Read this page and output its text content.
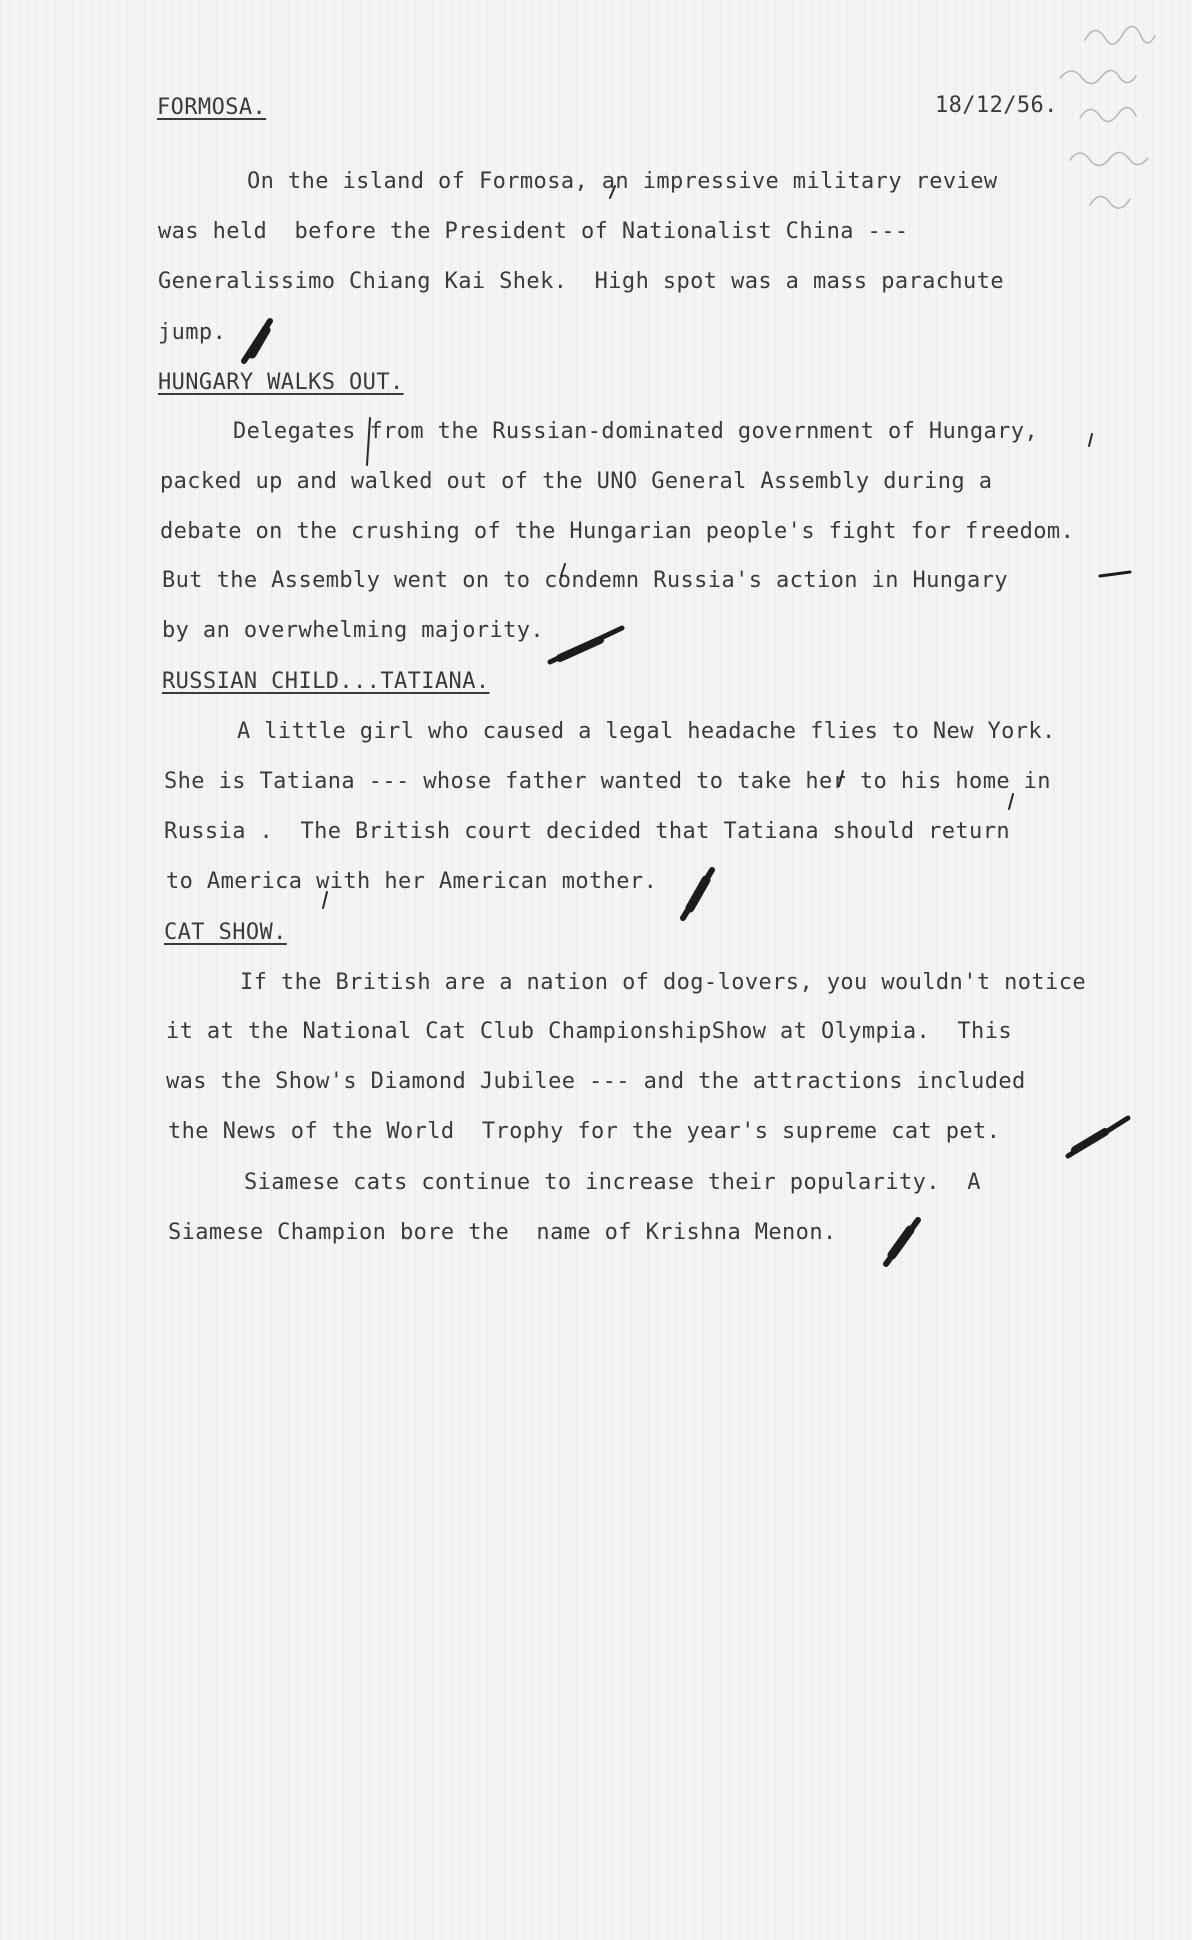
FORMOSA.	18/12/56.
On the island of Formosa, an impressive military review
was held  before the President of Nationalist China ---
Generalissimo Chiang Kai Shek.  High spot was a mass parachute
jump.
HUNGARY WALKS OUT.
Delegates from the Russian-dominated government of Hungary,
packed up and walked out of the UNO General Assembly during a
debate on the crushing of the Hungarian people's fight for freedom.
But the Assembly went on to condemn Russia's action in Hungary
by an overwhelming majority.
RUSSIAN CHILD...TATIANA.
A little girl who caused a legal headache flies to New York.
She is Tatiana --- whose father wanted to take her to his home in
Russia .  The British court decided that Tatiana should return
to America with her American mother.
CAT SHOW.
If the British are a nation of dog-lovers, you wouldn't notice
it at the National Cat Club ChampionshipShow at Olympia.  This
was the Show's Diamond Jubilee --- and the attractions included
the News of the World  Trophy for the year's supreme cat pet.
Siamese cats continue to increase their popularity.  A
Siamese Champion bore the  name of Krishna Menon.
